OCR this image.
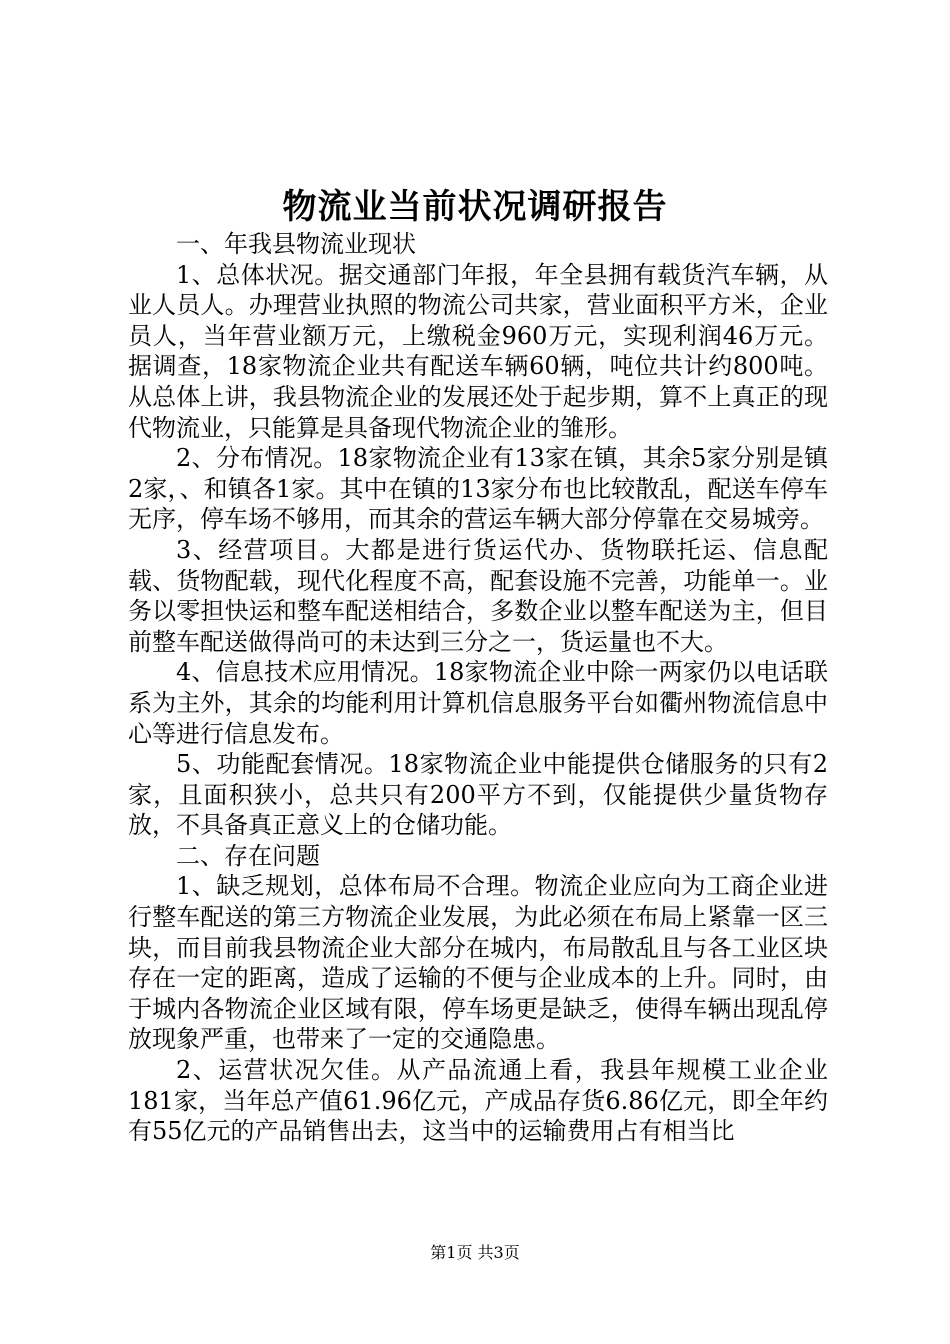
物流业当前状况调研报告

一、年我县物流业现状

1、总体状况。据交通部门年报，年全县拥有载货汽车辆，从业人员人。办理营业执照的物流公司共家，营业面积平方米，企业员人，当年营业额万元，上缴税金960万元，实现利润46万元。据调查，18家物流企业共有配送车辆60辆，吨位共计约800吨。从总体上讲，我县物流企业的发展还处于起步期，算不上真正的现代物流业，只能算是具备现代物流企业的雏形。

2、分布情况。18家物流企业有13家在镇，其余5家分别是镇2家，、和镇各1家。其中在镇的13家分布也比较散乱，配送车停车无序，停车场不够用，而其余的营运车辆大部分停靠在交易城旁。

3、经营项目。大都是进行货运代办、货物联托运、信息配载、货物配载，现代化程度不高，配套设施不完善，功能单一。业务以零担快运和整车配送相结合，多数企业以整车配送为主，但目前整车配送做得尚可的未达到三分之一，货运量也不大。

4、信息技术应用情况。18家物流企业中除一两家仍以电话联系为主外，其余的均能利用计算机信息服务平台如衢州物流信息中心等进行信息发布。

5、功能配套情况。18家物流企业中能提供仓储服务的只有2家，且面积狭小，总共只有200平方不到，仅能提供少量货物存放，不具备真正意义上的仓储功能。

二、存在问题

1、缺乏规划，总体布局不合理。物流企业应向为工商企业进行整车配送的第三方物流企业发展，为此必须在布局上紧靠一区三块，而目前我县物流企业大部分在城内，布局散乱且与各工业区块存在一定的距离，造成了运输的不便与企业成本的上升。同时，由于城内各物流企业区域有限，停车场更是缺乏，使得车辆出现乱停放现象严重，也带来了一定的交通隐患。

2、运营状况欠佳。从产品流通上看，我县年规模工业企业181家，当年总产值61.96亿元，产成品存货6.86亿元，即全年约有55亿元的产品销售出去，这当中的运输费用占有相当比

第1页 共3页
